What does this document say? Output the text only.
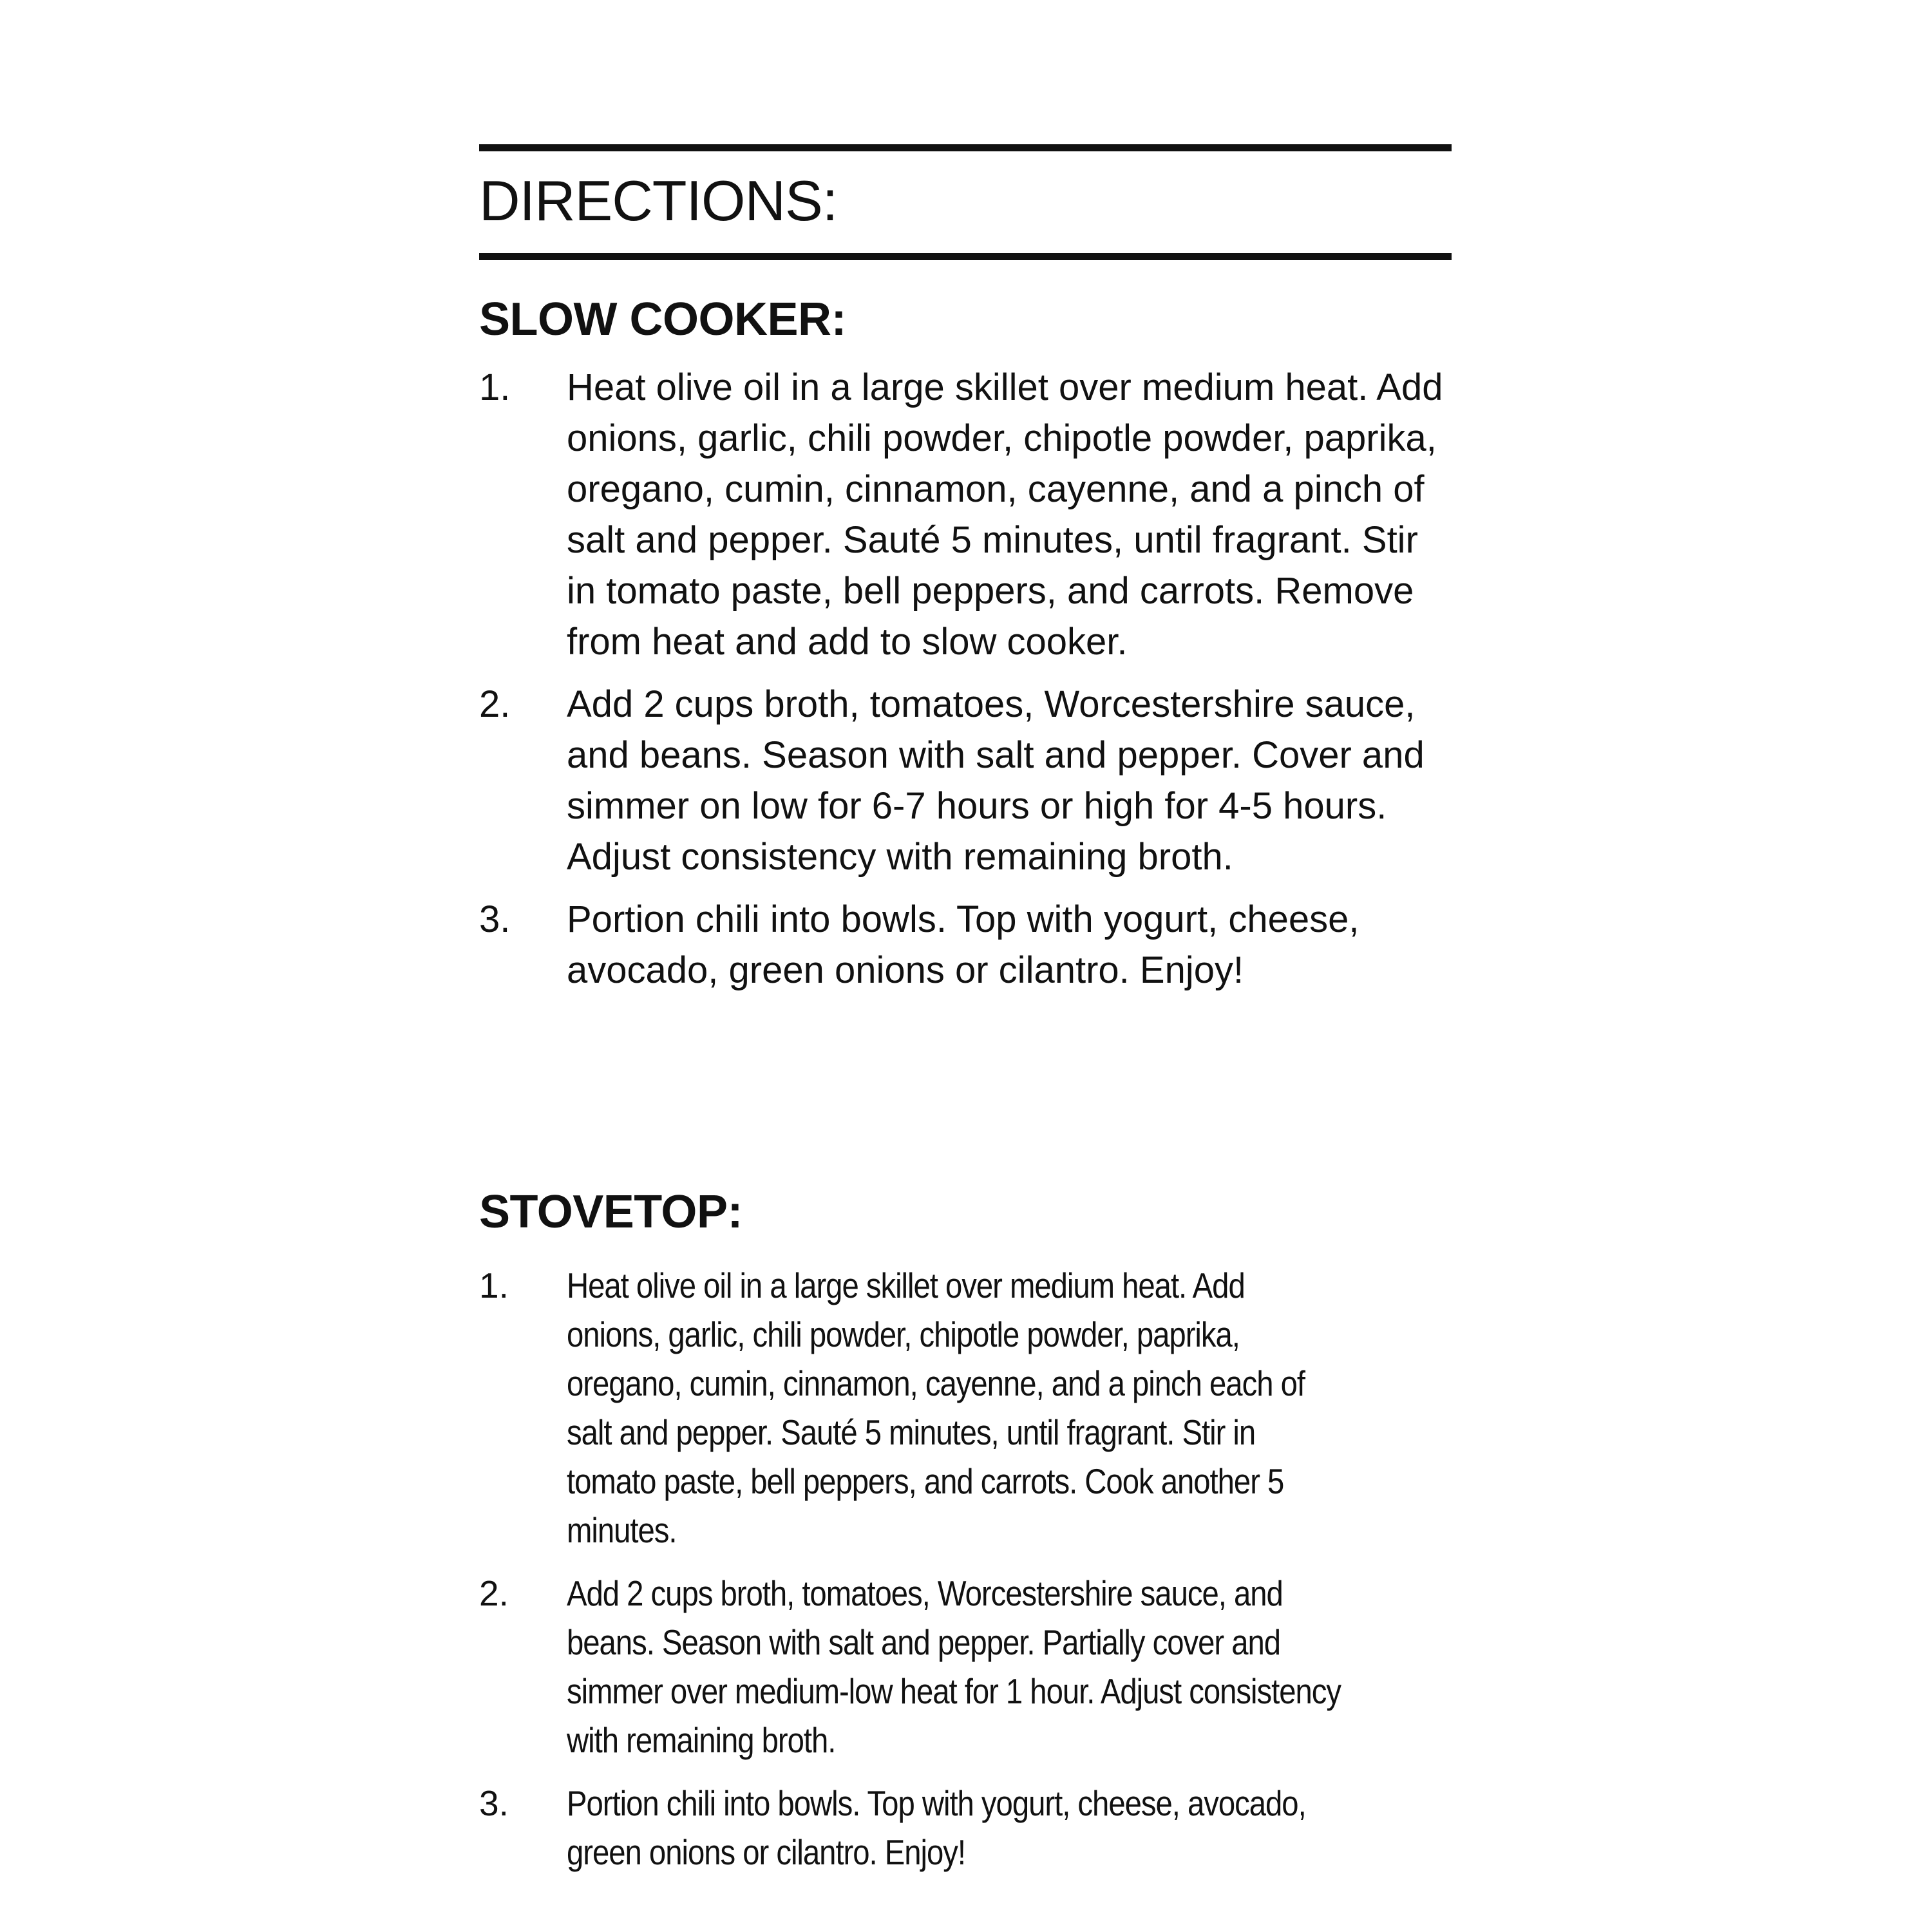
DIRECTIONS:
SLOW COOKER:
1.	Heat olive oil in a large skillet over medium heat. Add onions, garlic, chili powder, chipotle powder, paprika, oregano, cumin, cinnamon, cayenne, and a pinch of salt and pepper. Sauté 5 minutes, until fragrant. Stir in tomato paste, bell peppers, and carrots. Remove from heat and add to slow cooker.
2.	Add 2 cups broth, tomatoes, Worcestershire sauce, and beans. Season with salt and pepper. Cover and simmer on low for 6-7 hours or high for 4-5 hours. Adjust consistency with remaining broth.
3.	Portion chili into bowls. Top with yogurt, cheese, avocado, green onions or cilantro. Enjoy!
STOVETOP:
1.	Heat olive oil in a large skillet over medium heat. Add onions, garlic, chili powder, chipotle powder, paprika, oregano, cumin, cinnamon, cayenne, and a pinch each of salt and pepper. Sauté 5 minutes, until fragrant. Stir in tomato paste, bell peppers, and carrots. Cook another 5 minutes.
2.	Add 2 cups broth, tomatoes, Worcestershire sauce, and beans. Season with salt and pepper. Partially cover and simmer over medium-low heat for 1 hour. Adjust consistency with remaining broth.
3.	Portion chili into bowls. Top with yogurt, cheese, avocado, green onions or cilantro. Enjoy!
